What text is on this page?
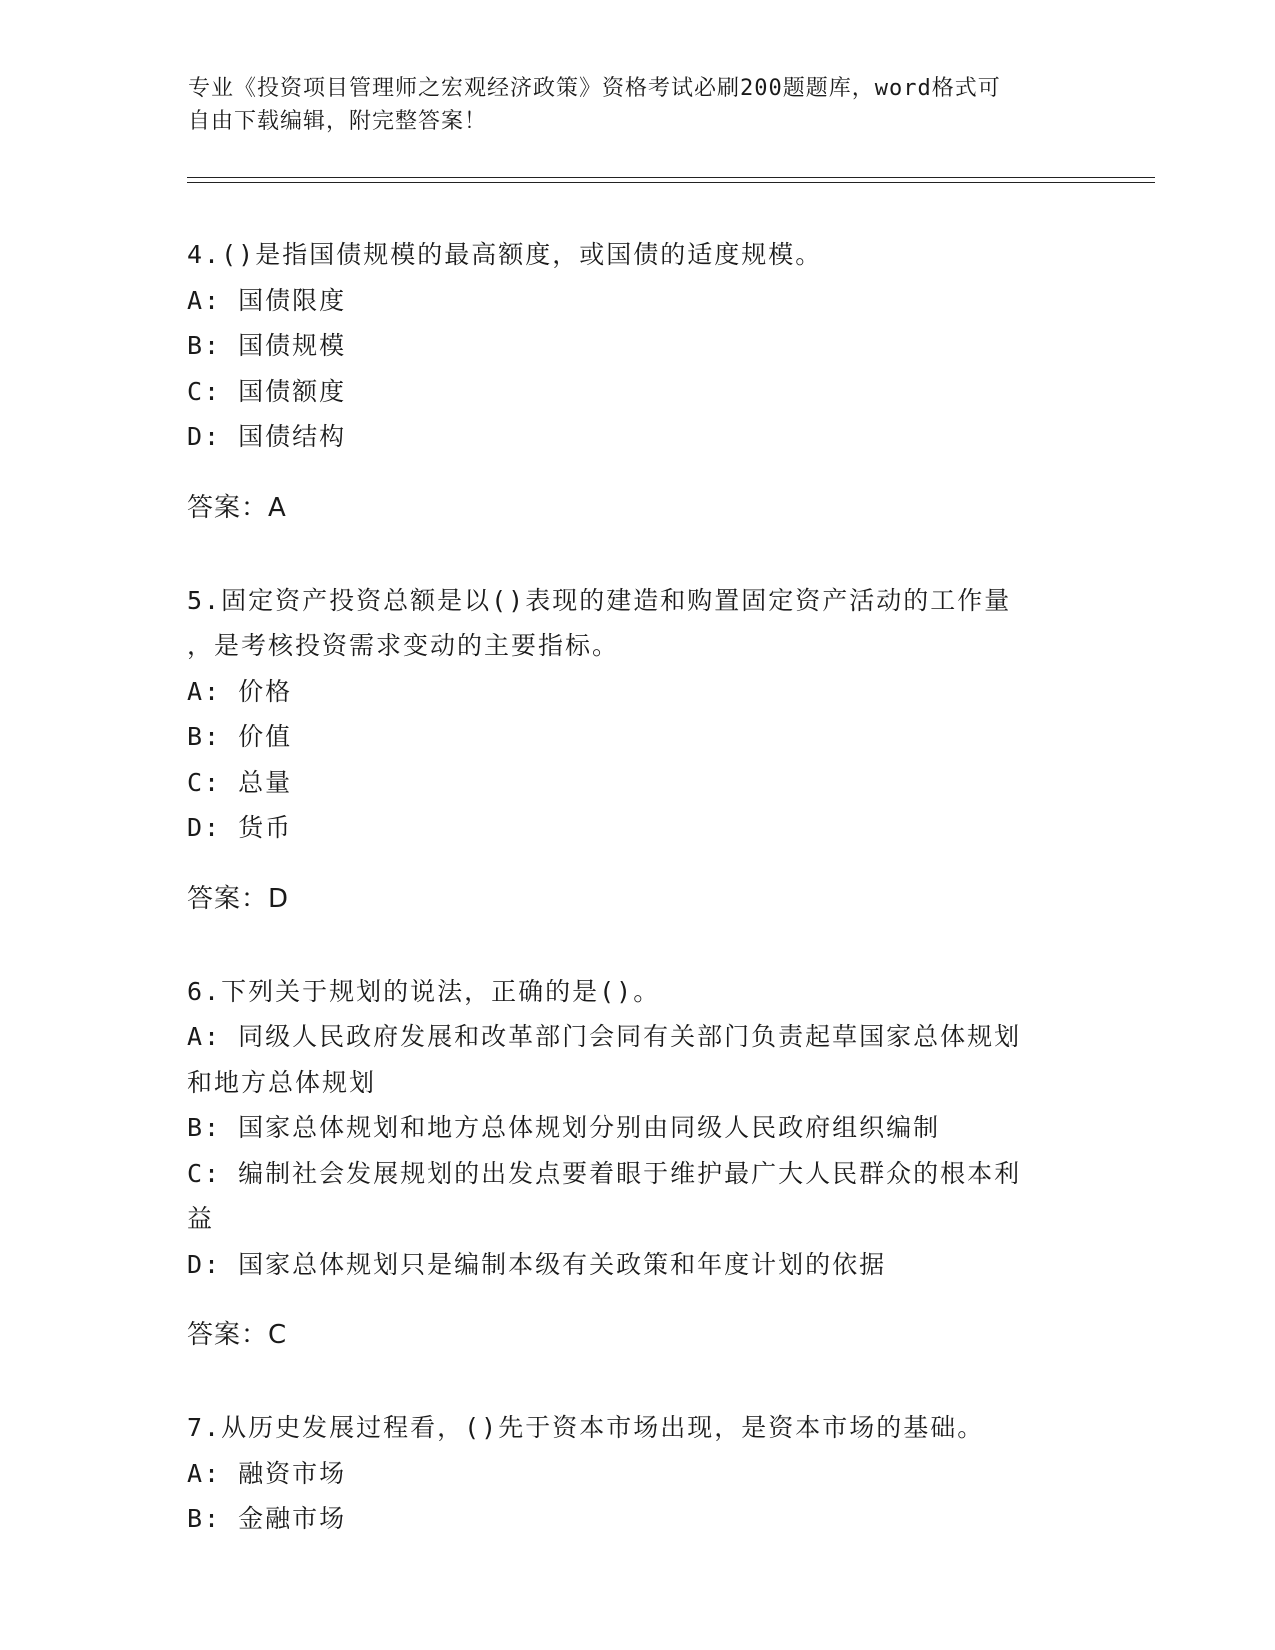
专业《投资项目管理师之宏观经济政策》资格考试必刷200题题库，word格式可
自由下载编辑，附完整答案！

4.()是指国债规模的最高额度，或国债的适度规模。

A: 国债限度

B: 国债规模

C: 国债额度

D: 国债结构

答案：A

5.固定资产投资总额是以()表现的建造和购置固定资产活动的工作量

，是考核投资需求变动的主要指标。

A: 价格

B: 价值

C: 总量

D: 货币

答案：D

6.下列关于规划的说法，正确的是()。

A: 同级人民政府发展和改革部门会同有关部门负责起草国家总体规划

和地方总体规划

B: 国家总体规划和地方总体规划分别由同级人民政府组织编制

C: 编制社会发展规划的出发点要着眼于维护最广大人民群众的根本利

益

D: 国家总体规划只是编制本级有关政策和年度计划的依据

答案：C

7.从历史发展过程看，()先于资本市场出现，是资本市场的基础。

A: 融资市场

B: 金融市场
